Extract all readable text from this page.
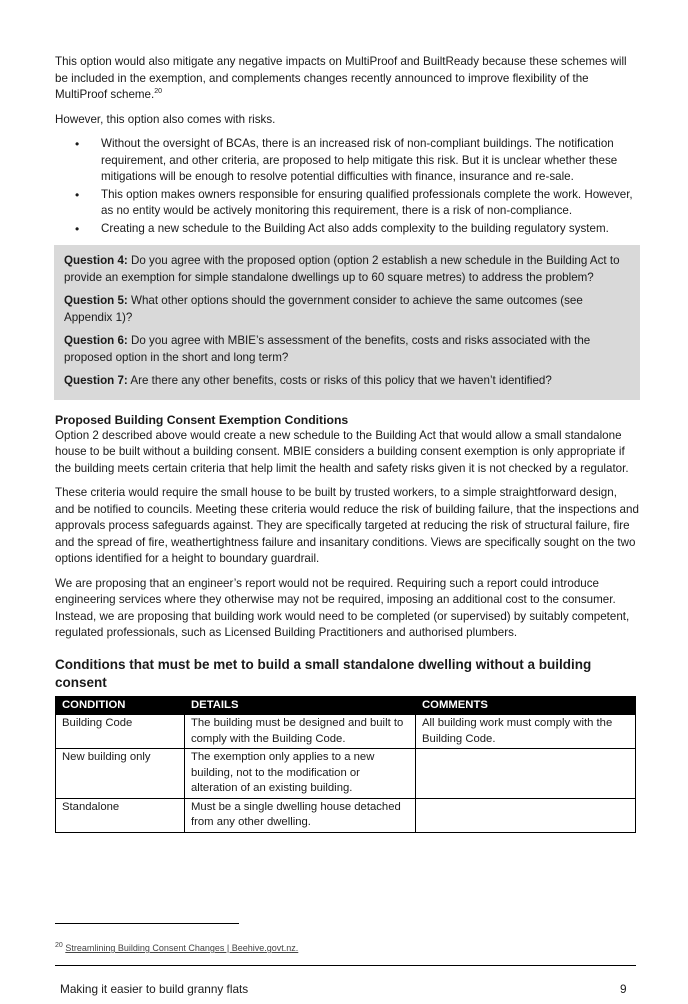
This option would also mitigate any negative impacts on MultiProof and BuiltReady because these schemes will be included in the exemption, and complements changes recently announced to improve flexibility of the MultiProof scheme.$^{20}$

However, this option also comes with risks.

• Without the oversight of BCAs, there is an increased risk of non-compliant buildings. The notification requirement, and other criteria, are proposed to help mitigate this risk. But it is unclear whether these mitigations will be enough to resolve potential difficulties with finance, insurance and re-sale.
• This option makes owners responsible for ensuring qualified professionals complete the work. However, as no entity would be actively monitoring this requirement, there is a risk of non-compliance.
• Creating a new schedule to the Building Act also adds complexity to the building regulatory system.

Question 4: Do you agree with the proposed option (option 2 establish a new schedule in the Building Act to provide an exemption for simple standalone dwellings up to 60 square metres) to address the problem?

Question 5: What other options should the government consider to achieve the same outcomes (see Appendix 1)?

Question 6: Do you agree with MBIE’s assessment of the benefits, costs and risks associated with the proposed option in the short and long term?

Question 7: Are there any other benefits, costs or risks of this policy that we haven’t identified?

Proposed Building Consent Exemption Conditions

Option 2 described above would create a new schedule to the Building Act that would allow a small standalone house to be built without a building consent. MBIE considers a building consent exemption is only appropriate if the building meets certain criteria that help limit the health and safety risks given it is not checked by a regulator.

These criteria would require the small house to be built by trusted workers, to a simple straightforward design, and be notified to councils. Meeting these criteria would reduce the risk of building failure, that the inspections and approvals process safeguards against. They are specifically targeted at reducing the risk of structural failure, fire and the spread of fire, weathertightness failure and insanitary conditions. Views are specifically sought on the two options identified for a height to boundary guardrail.

We are proposing that an engineer’s report would not be required. Requiring such a report could introduce engineering services where they otherwise may not be required, imposing an additional cost to the consumer. Instead, we are proposing that building work would need to be completed (or supervised) by suitably competent, regulated professionals, such as Licensed Building Practitioners and authorised plumbers.

Conditions that must be met to build a small standalone dwelling without a building consent
CONDITION	DETAILS	COMMENTS
Building Code	The building must be designed and built to comply with the Building Code.	All building work must comply with the Building Code.
New building only	The exemption only applies to a new building, not to the modification or alteration of an existing building.	
Standalone	Must be a single dwelling house detached from any other dwelling.	
$^{20}$ Streamlining Building Consent Changes | Beehive.govt.nz.
Making it easier to build granny flats	9
